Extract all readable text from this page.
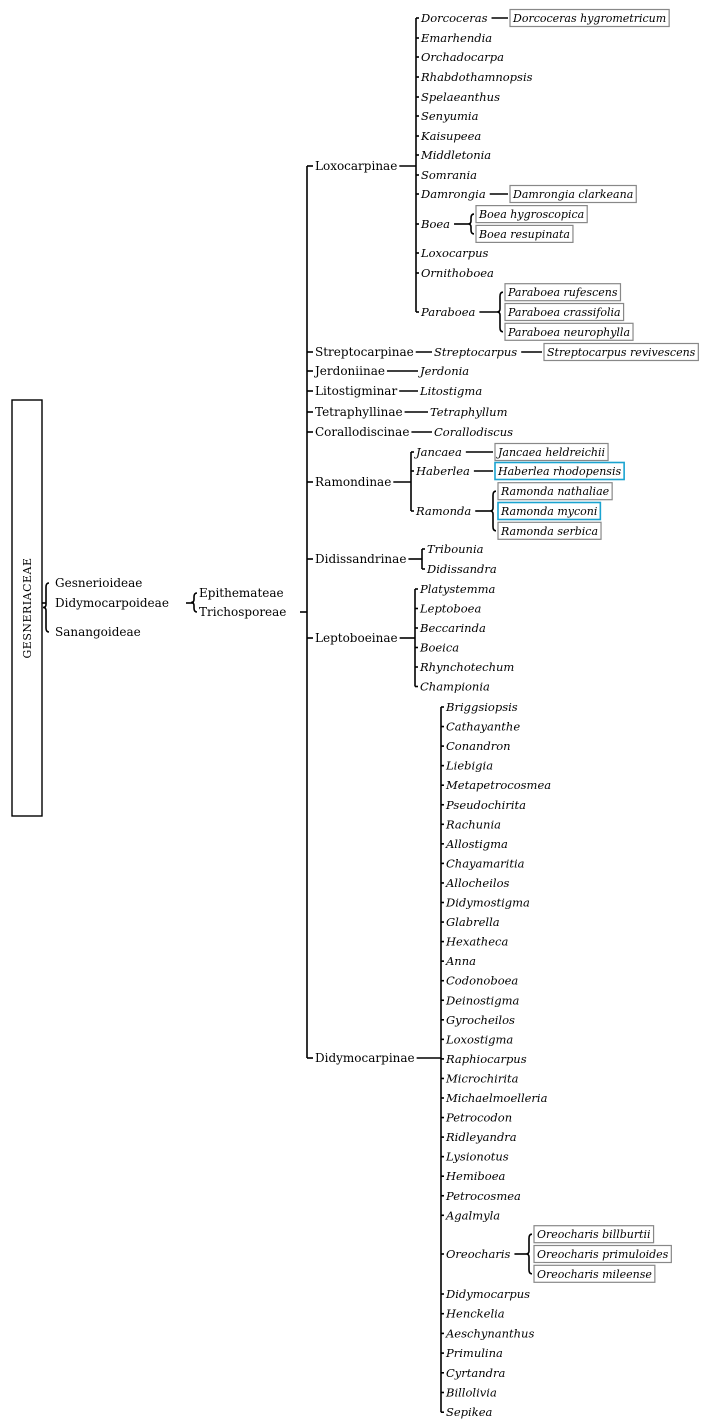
GESNERIACEAE Gesnerioideae
Didymocarpoideae
Sanangoideae
Epithemateae
Trichosporeae
Loxocarpinae
Dorcoceras Dorcoceras hygrometricum
Emarhendia
Orchadocarpa
Rhabdothamnopsis
Spelaeanthus
Senyumia
Kaisupeea
Middletonia
Somrania
Damrongia Damrongia clarkeana
Boea
Boea hygroscopica
Boea resupinata
Loxocarpus
Ornithoboea
Paraboea
Paraboea rufescens
Paraboea crassifolia
Paraboea neurophylla
Streptocarpinae Streptocarpus	Streptocarpus revivescens
Jerdoniinae	Jerdonia
Litostigminar Litostigma
Tetraphyllinae Tetraphyllum
Corallodiscinae Corallodiscus
Ramondinae
Jancaea	Jancaea heldreichii
Haberlea	Haberlea rhodopensis
Ramonda
Ramonda nathaliae
Ramonda myconi
Ramonda serbica
Didissandrinae
Tribounia
Didissandra
Leptoboeinae
Platystemma
Leptoboea
Beccarinda
Boeica
Rhynchotechum
Championia
Didymocarpinae
Briggsiopsis
Cathayanthe
Conandron
Liebigia
Metapetrocosmea
Pseudochirita
Rachunia
Allostigma
Chayamaritia
Allocheilos
Didymostigma
Glabrella
Hexatheca
Anna
Codonoboea
Deinostigma
Gyrocheilos
Loxostigma
Raphiocarpus
Microchirita
Michaelmoelleria
Petrocodon
Ridleyandra
Lysionotus
Hemiboea
Petrocosmea
Agalmyla
Oreocharis
Oreocharis billburtii
Oreocharis primuloides
Oreocharis mileense
Didymocarpus
Henckelia
Aeschynanthus
Primulina
Cyrtandra
Billolivia
Sepikea
